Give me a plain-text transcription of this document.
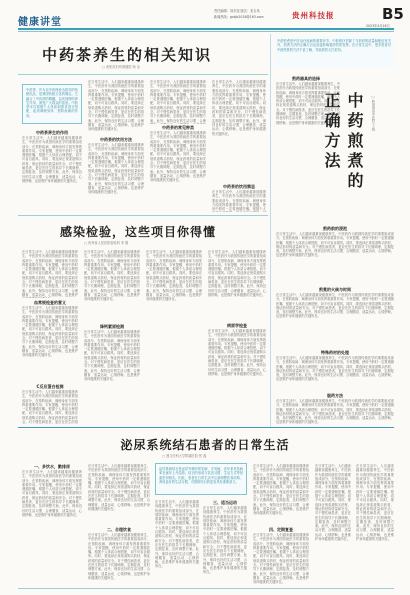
健康讲堂
责任编辑：刘多加 版式：宋玉凤
新闻热线：gzkjb2018@163.com	贵州科技报	B5
2023年4月18日
中药茶养生的相关知识
□ 贵阳市妇幼保健院 杨 洁
中药茶，作为以中医理论为指导的传统饮品，是我国传统文化的瑰宝。它融合了中医药的精髓，以其独特的养生作用，深受广大群众的喜爱。中药茶可以根据个人体质和需求进行搭配，起到调理身体、预防疾病的作用。
中药茶养生的作用
在日常生活中，人们越来越重视健康养生，中医药作为我国传统医学的重要组成部分，在预防疾病、调理身体方面发挥着重要作用。专家提醒，使用中药时一定要遵循医嘱，根据个人体质合理搭配，切不可盲目跟风。同时，要选择正规渠道购买药材，保证药材的质量和安全。对于慢性病患者，更应在医生的指导下长期调理，定期复查，及时调整方案。此外，保持良好的生活习惯、合理膳食、适量运动、心情舒畅，也是维护身体健康的关键所在。
在日常生活中，人们越来越重视健康养生，中医药作为我国传统医学的重要组成部分，在预防疾病、调理身体方面发挥着重要作用。专家提醒，使用中药时一定要遵循医嘱，根据个人体质合理搭配，切不可盲目跟风。同时，要选择正规渠道购买药材，保证药材的质量和安全。对于慢性病患者，更应在医生的指导下长期调理，定期复查，及时调整方案。此外，保持良好的生活习惯、合理膳食、适量运动、心情舒畅，也是维护身体健康的关键所在。
中药茶的饮用方法
在日常生活中，人们越来越重视健康养生，中医药作为我国传统医学的重要组成部分，在预防疾病、调理身体方面发挥着重要作用。专家提醒，使用中药时一定要遵循医嘱，根据个人体质合理搭配，切不可盲目跟风。同时，要选择正规渠道购买药材，保证药材的质量和安全。对于慢性病患者，更应在医生的指导下长期调理，定期复查，及时调整方案。此外，保持良好的生活习惯、合理膳食、适量运动、心情舒畅，也是维护身体健康的关键所在。
在日常生活中，人们越来越重视健康养生，中医药作为我国传统医学的重要组成部分，在预防疾病、调理身体方面发挥着重要作用。专家提醒，使用中药时一定要遵循医嘱，根据个人体质合理搭配，切不可盲目跟风。同时，要选择正规渠道购买药材，保证药材的质量和安全。对于慢性病患者，更应在医生的指导下长期调理，定期复查，及时调整方案。此外，保持良好的生活习惯、合理
中药茶的常见种类
在日常生活中，人们越来越重视健康养生，中医药作为我国传统医学的重要组成部分，在预防疾病、调理身体方面发挥着重要作用。专家提醒，使用中药时一定要遵循医嘱，根据个人体质合理搭配，切不可盲目跟风。同时，要选择正规渠道购买药材，保证药材的质量和安全。对于慢性病患者，更应在医生的指导下长期调理，定期复查，及时调整方案。此外，保持良好的生活习惯、合理膳食、适量运动、心情舒畅，也是维护身体健康的关键所在。
在日常生活中，人们越来越重视健康养生，中医药作为我国传统医学的重要组成部分，在预防疾病、调理身体方面发挥着重要作用。专家提醒，使用中药时一定要遵循医嘱，根据个人体质合理搭配，切不可盲目跟风。同时，要选择正规渠道购买药材，保证药材的质量和安全。对于慢性病患者，更应在医生的指导下长期调理，定期复查，及时调整方案。此外，保持良好的生活习惯、合理膳食、适量运动、心情舒畅，也是维护身体健康的关键所在。
中药茶的饮用禁忌
在日常生活中，人们越来越重视健康养生，中医药作为我国传统医学的重要组成部分，在预防疾病、调理身体方面发挥着重要作用。专家提醒，使用中药时一定要遵循医嘱，根据个人
中药煎煮是中医治疗疾病的重要环节，中药的疗效除了与药材的质量和配伍有关外，煎煮方法的正确与否也直接影响着药效的发挥。在日常生活中，很多患者对中药煎煮的方法不甚了解，导致药效大打折扣。
煎药器具的选择
在日常生活中，人们越来越重视健康养生，中医药作为我国传统医学的重要组成部分，在预防疾病、调理身体方面发挥着重要作用。专家提醒，使用中药时一定要遵循医嘱，根据个人体质合理搭配，切不可盲目跟风。同时，要选择正规渠道购买药材，保证药材的质量和安全。对于慢性病患者，更应在医生的指导下长期调理，定期复查，及时调整方案。此外，保持良好的生活习惯、合理膳食、适量运动、心情舒畅，也是维护身体健康的关键所在。 中药煎煮的正确方法	□ 黔西南州中医院 王 娟
煎药前的浸泡
在日常生活中，人们越来越重视健康养生，中医药作为我国传统医学的重要组成部分，在预防疾病、调理身体方面发挥着重要作用。专家提醒，使用中药时一定要遵循医嘱，根据个人体质合理搭配，切不可盲目跟风。同时，要选择正规渠道购买药材，保证药材的质量和安全。对于慢性病患者，更应在医生的指导下长期调理，定期复查，及时调整方案。此外，保持良好的生活习惯、合理膳食、适量运动、心情舒畅，也是维护身体健康的关键所在。
煎煮的火候与时间
在日常生活中，人们越来越重视健康养生，中医药作为我国传统医学的重要组成部分，在预防疾病、调理身体方面发挥着重要作用。专家提醒，使用中药时一定要遵循医嘱，根据个人体质合理搭配，切不可盲目跟风。同时，要选择正规渠道购买药材，保证药材的质量和安全。对于慢性病患者，更应在医生的指导下长期调理，定期复查，及时调整方案。此外，保持良好的生活习惯、合理膳食、适量运动、心情舒畅，也是维护身体健康的关键所在。
特殊药材的处理
在日常生活中，人们越来越重视健康养生，中医药作为我国传统医学的重要组成部分，在预防疾病、调理身体方面发挥着重要作用。专家提醒，使用中药时一定要遵循医嘱，根据个人体质合理搭配，切不可盲目跟风。同时，要选择正规渠道购买药材，保证药材的质量和安全。对于慢性病患者，更应在医生的指导下长期调理，定期复查，及时调整方案。此外，保持良好的生活习惯、合理膳食、适量运动、心情舒畅，也是维护身体健康的关键所在。
服药方法
在日常生活中，人们越来越重视健康养生，中医药作为我国传统医学的重要组成部分，在预防疾病、调理身体方面发挥着重要作用。专家提醒，使用中药时一定要遵循医嘱，根据个人体质合理搭配，切不可盲目跟风。同时，要选择正规渠道购买药材，保证药材的质量和安全。对于慢性病患者，更应在医生的指导下长期调理，定期复查，及时调整方案。此外，保持良好的生活习惯、合理膳食、适量运动、心情舒畅，也是维护身体健康的关键所在。
感染检验，这些项目你得懂
□ 贵州省人民医院检验科 李 娟
在日常生活中，人们越来越重视健康养生，中医药作为我国传统医学的重要组成部分，在预防疾病、调理身体方面发挥着重要作用。专家提醒，使用中药时一定要遵循医嘱，根据个人体质合理搭配，切不可盲目跟风。同时，要选择正规渠道购买药材，保证药材的质量和安全。对于慢性病患者，更应在医生的指导下长期调理，定期复查，及时调整方案。此外，保持良好的生活习惯、合理膳食、适量运动、心情舒畅，也是维护
血常规检查的意义
在日常生活中，人们越来越重视健康养生，中医药作为我国传统医学的重要组成部分，在预防疾病、调理身体方面发挥着重要作用。专家提醒，使用中药时一定要遵循医嘱，根据个人体质合理搭配，切不可盲目跟风。同时，要选择正规渠道购买药材，保证药材的质量和安全。对于慢性病患者，更应在医生的指导下长期调理，定期复查，及时调整方案。此外，保持良好的生活习惯、合理膳食、适量运动、心情舒畅，也是维护身体健康的关键所在。
C反应蛋白检测
在日常生活中，人们越来越重视健康养生，中医药作为我国传统医学的重要组成部分，在预防疾病、调理身体方面发挥着重要作用。专家提醒，使用中药时一定要遵循医嘱，根据个人体质合理搭配，切不可盲目跟风。同时，要选择正规渠道购买药材，保证药材的质量和安全。对于慢性病患者，更应在医生的指
在日常生活中，人们越来越重视健康养生，中医药作为我国传统医学的重要组成部分，在预防疾病、调理身体方面发挥着重要作用。专家提醒，使用中药时一定要遵循医嘱，根据个人体质合理搭配，切不可盲目跟风。同时，要选择正规渠道购买药材，保证药材的质量和安全。对于慢性病患者，更应在医生的指导下长期调理，定期复查，及时调整方案。此外，保持良好的生活习惯、合理膳食、适量运动、心情舒畅，也是维护身体健康的关键所在。
降钙素原检测
在日常生活中，人们越来越重视健康养生，中医药作为我国传统医学的重要组成部分，在预防疾病、调理身体方面发挥着重要作用。专家提醒，使用中药时一定要遵循医嘱，根据个人体质合理搭配，切不可盲目跟风。同时，要选择正规渠道购买药材，保证药材的质量和安全。对于慢性病患者，更应在医生的指导下长期调理，定期复查，及时调整方案。此外，保持良好的生活习惯、合理膳食、适量运动、心情舒畅，也是维护身体健康的关键所在。
在日常生活中，人们越来越重视健康养生，中医药作为我国传统医学的重要组成部分，在预防疾病、调理身体方面发挥着重要作用。专家提醒，使用中药时一定要遵循医嘱，根据个人体质合理搭配，切不可盲目跟风。同时，要选择正规渠道购买药材，保证药材的质量和安全。对于慢性病患者，更应在医生的指导下长期调理，定期复查，及时调整方案。此外，保持良好的生活习惯、合理膳食、适量运动、心情舒畅，也是维护身体健康的关键所在。
在日常生活中，人们越来越重视健康养生，中医药作为我国传统医学的重要组成部分，在预防疾病、调理身体方面发挥着重要作用。专家提醒，使用中药时一定要遵循医嘱，根据个人体质合理搭配，切不可盲目跟风。同时，要选择正规渠道购买药材，保证药材的质量和安全。对于慢性病患者，更应在医生的指导下长期调理，定期复查，及时调整方案。此外，保持良好的生活习惯、合理膳食、适量运动、心情舒畅，也是维护身体健康的关键所在。
病原学检查
在日常生活中，人们越来越重视健康养生，中医药作为我国传统医学的重要组成部分，在预防疾病、调理身体方面发挥着重要作用。专家提醒，使用中药时一定要遵循医嘱，根据个人体质合理搭配，切不可盲目跟风。同时，要选择正规渠道购买药材，保证药材的质量和安全。对于慢性病患者，更应在医生的指导下长期调理，定期复查，及时调整方案。此外，保持良好的生活习惯、合理膳食、适量运动、心情舒畅，也是维护身体健康的关键所在。
泌尿系统结石患者的日常生活
□ 遵义医科大学附属医院 张 磊
一、多饮水，勤排尿
在日常生活中，人们越来越重视健康养生，中医药作为我国传统医学的重要组成部分，在预防疾病、调理身体方面发挥着重要作用。专家提醒，使用中药时一定要遵循医嘱，根据个人体质合理搭配，切不可盲目跟风。同时，要选择正规渠道购买药材，保证药材的质量和安全。对于慢性病患者，更应在医生的指导下长期调理，定期复查，及时调整方案。此外，保持良好的生活习惯、合理膳食、适量运动、心情舒畅，也是维护身体健康的关键所在。
在日常生活中，人们越来越重视健康养生，中医药作为我国传统医学的重要组成部分，在预防疾病、调理身体方面发挥着重要作用。专家提醒，使用中药时一定要遵循医嘱，根据个人体质合理搭配，切不可盲目跟风。同时，要选择正规渠道购买药材，保证药材的质量和安全。对于慢性病患者，更应在医生的指导下长期调理，定期复查，及时调整方案。此外，保持良好的生活习惯、合理膳食、适量运动、心情舒畅，也是维护身体健康的关键所在。
二、合理饮食
在日常生活中，人们越来越重视健康养生，中医药作为我国传统医学的重要组成部分，在预防疾病、调理身体方面发挥着重要作用。专家提醒，使用中药时一定要遵循医嘱，根据个人体质合理搭配，切不可盲目跟风。同时，要选择正规渠道购买药材，保证药材的质量和安全。对于慢性病患者，更应在医生的指导下长期调理，定期复查，及时调整方案。此外，保持良好的生活习惯、合理膳食、适量运动、心情舒畅，也是维护身体健康的关键所在。
泌尿系统结石是泌尿外科的常见病、多发病，近年来其发病率呈逐年上升趋势。结石的形成与饮食习惯、生活方式等因素密切相关。因此，患者在日常生活中注意调整饮食结构、养成良好的生活习惯，对预防结石的复发具有重要意义。
在日常生活中，人们越来越重视健康养生，中医药作为我国传统医学的重要组成部分，在预防疾病、调理身体方面发挥着重要作用。专家提醒，使用中药时一定要遵循医嘱，根据个人体质合理搭配，切不可盲目跟风。同时，要选择正规渠道购买药材，保证药材的质量和安全。对于慢性病患者，更应在医生的指导下长期调理，定期复查，及时调整方案。此外，保持良好的生活习惯、合理膳食、适量运动、心情舒畅，也是维护身体健康的关键所在。
三、适当运动
在日常生活中，人们越来越重视健康养生，中医药作为我国传统医学的重要组成部分，在预防疾病、调理身体方面发挥着重要作用。专家提醒，使用中药时一定要遵循医嘱，根据个人体质合理搭配，切不可盲目跟风。同时，要选择正规渠道购买药材，保证药材的质量和安全。对于慢性病患者，更应在医生的指导下长期调理，定期复查，及时调整方案。此外，保持良好的生活习惯、合理膳食、适量运动、心情舒畅，也是维护身体健康的关键所在。
在日常生活中，人们越来越重视健康养生，中医药作为我国传统医学的重要组成部分，在预防疾病、调理身体方面发挥着重要作用。专家提醒，使用中药时一定要遵循医嘱，根据个人体质合理搭配，切不可盲目跟风。同时，要选择正规渠道购买药材，保证药材的质量和安全。对于慢性病患者，更应在医生的指导下长期调理，定期复查，及时调整方案。此外，保持良好的生活习惯、合理膳食、适量运动、心情舒畅，也是维护身体健康的关键所在。
四、定期复查
在日常生活中，人们越来越重视健康养生，中医药作为我国传统医学的重要组成部分，在预防疾病、调理身体方面发挥着重要作用。专家提醒，使用中药时一定要遵循医嘱，根据个人体质合理搭配，切不可盲目跟风。同时，要选择正规渠道购买药材，保证药材的质量和安全。对于慢性病患者，更应在医生的指导下长期调理，定期复查，及时调整方案。此外，保持良好的生活习惯、合理膳食、适量运动、心情舒畅，也是维护身体健康的关键所在。
在日常生活中，人们越来越重视健康养生，中医药作为我国传统医学的重要组成部分，在预防疾病、调理身体方面发挥着重要作用。专家提醒，使用中药时一定要遵循医嘱，根据个人体质合理搭配，切不可盲目跟风。同时，要选择正规渠道购买药材，保证药材的质量和安全。对于慢性病患者，更应在医生的指导下长期调理，定期复查，及时调整方案。此外，保持良好的生活习惯、合理膳食、适量运动、心情舒畅，也是维护身体健康的关键所在。
在日常生活中，人们越来越重视健康养生，中医药作为我国传统医学的重要组成部分，在预防疾病、调理身体方面发挥着重要作用。专家提醒，使用中药时一定要遵循医嘱，根据个人体质合理搭配，切不可盲目跟风。同时，要选择正规渠道购买药材，保证药材的质量和安全。对于慢性病患者，更应在医生的指导下长期调理，定期复查，及时调整方案。此外，保持良好的生活习惯、合理膳食、适量运动、心情舒畅，也是维护身体健康的关键所在。
